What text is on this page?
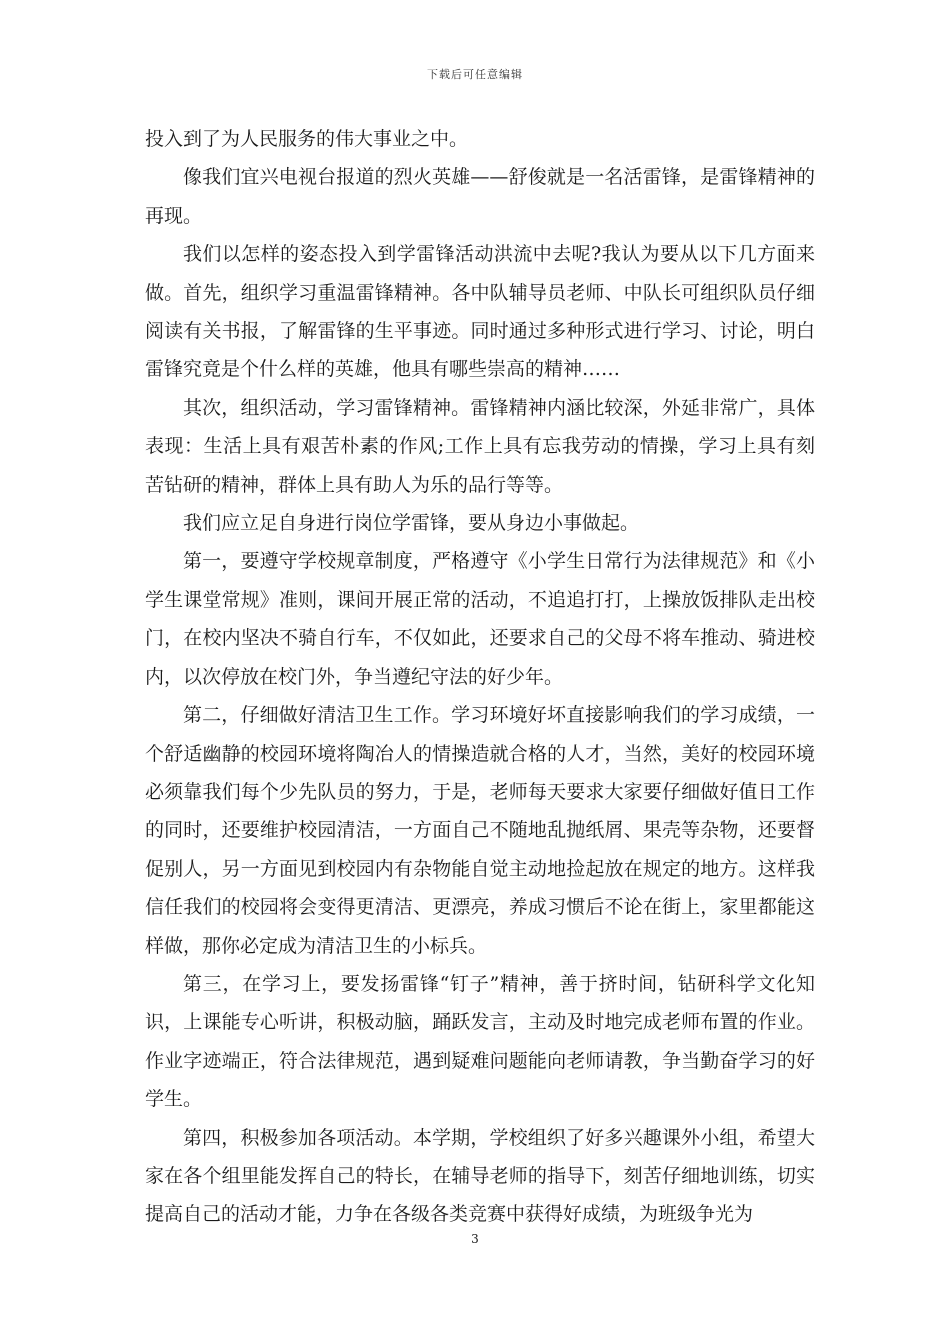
下载后可任意编辑

投入到了为人民服务的伟大事业之中。

像我们宜兴电视台报道的烈火英雄——舒俊就是一名活雷锋，是雷锋精神的再现。

我们以怎样的姿态投入到学雷锋活动洪流中去呢?我认为要从以下几方面来做。首先，组织学习重温雷锋精神。各中队辅导员老师、中队长可组织队员仔细阅读有关书报，了解雷锋的生平事迹。同时通过多种形式进行学习、讨论，明白雷锋究竟是个什么样的英雄，他具有哪些崇高的精神……

其次，组织活动，学习雷锋精神。雷锋精神内涵比较深，外延非常广，具体表现：生活上具有艰苦朴素的作风;工作上具有忘我劳动的情操，学习上具有刻苦钻研的精神，群体上具有助人为乐的品行等等。

我们应立足自身进行岗位学雷锋，要从身边小事做起。

第一，要遵守学校规章制度，严格遵守《小学生日常行为法律规范》和《小学生课堂常规》准则，课间开展正常的活动，不追追打打，上操放饭排队走出校门，在校内坚决不骑自行车，不仅如此，还要求自己的父母不将车推动、骑进校内，以次停放在校门外，争当遵纪守法的好少年。

第二，仔细做好清洁卫生工作。学习环境好坏直接影响我们的学习成绩，一个舒适幽静的校园环境将陶冶人的情操造就合格的人才，当然，美好的校园环境必须靠我们每个少先队员的努力，于是，老师每天要求大家要仔细做好值日工作的同时，还要维护校园清洁，一方面自己不随地乱抛纸屑、果壳等杂物，还要督促别人，另一方面见到校园内有杂物能自觉主动地捡起放在规定的地方。这样我信任我们的校园将会变得更清洁、更漂亮，养成习惯后不论在街上，家里都能这样做，那你必定成为清洁卫生的小标兵。

第三，在学习上，要发扬雷锋“钉子”精神，善于挤时间，钻研科学文化知识，上课能专心听讲，积极动脑，踊跃发言，主动及时地完成老师布置的作业。作业字迹端正，符合法律规范，遇到疑难问题能向老师请教，争当勤奋学习的好学生。

第四，积极参加各项活动。本学期，学校组织了好多兴趣课外小组，希望大家在各个组里能发挥自己的特长，在辅导老师的指导下，刻苦仔细地训练，切实提高自己的活动才能，力争在各级各类竞赛中获得好成绩，为班级争光为

3
